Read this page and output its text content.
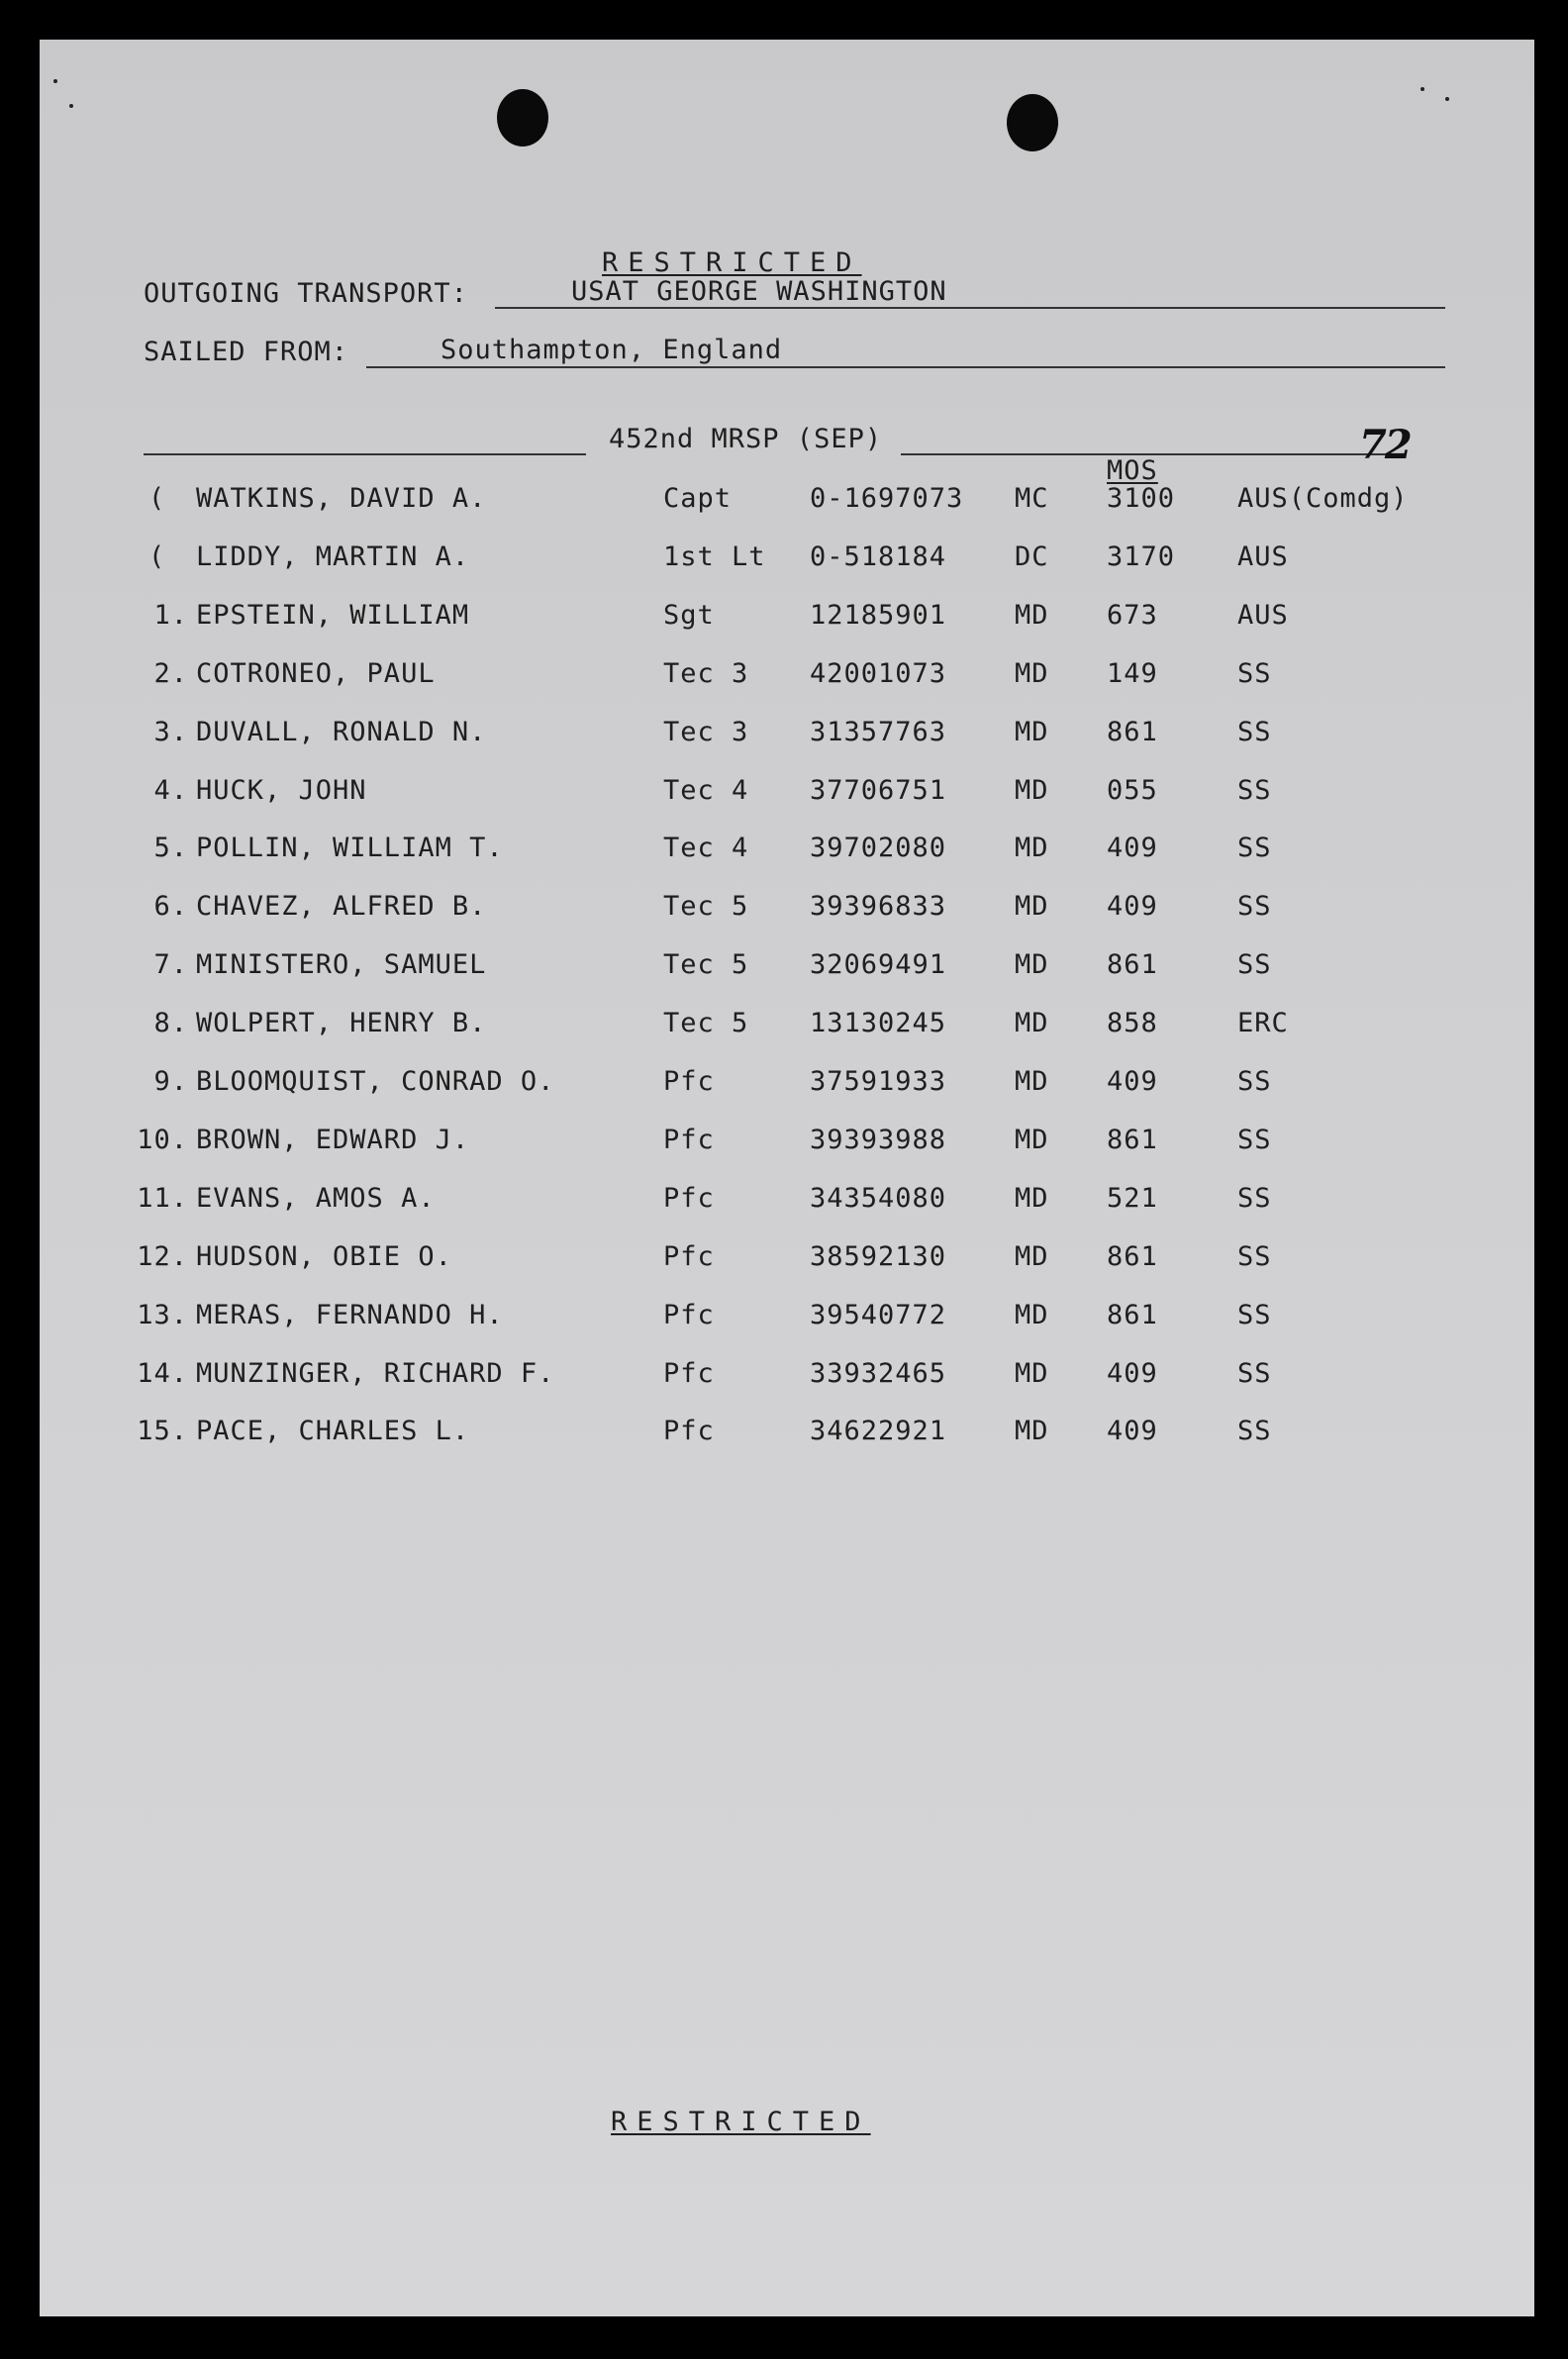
RESTRICTED
OUTGOING TRANSPORT:	USAT GEORGE WASHINGTON
SAILED FROM:	Southampton, England
452nd MRSP (SEP)	72
MOS
( WATKINS, DAVID A.	Capt	0-1697073 MC 3100 AUS(Comdg)
( LIDDY, MARTIN A.	1st Lt 0-518184	DC 3170 AUS
1. EPSTEIN, WILLIAM	Sgt	12185901	MD 673	AUS
2. COTRONEO, PAUL	Tec 3 42001073	MD 149	SS
3. DUVALL, RONALD N.	Tec 3 31357763	MD 861	SS
4. HUCK, JOHN	Tec 4 37706751	MD 055	SS
5. POLLIN, WILLIAM T.	Tec 4 39702080	MD 409	SS
6. CHAVEZ, ALFRED B.	Tec 5 39396833	MD 409	SS
7. MINISTERO, SAMUEL	Tec 5 32069491	MD 861	SS
8. WOLPERT, HENRY B.	Tec 5 13130245	MD 858	ERC
9. BLOOMQUIST, CONRAD O.	Pfc	37591933	MD 409	SS
10. BROWN, EDWARD J.	Pfc	39393988	MD 861	SS
11. EVANS, AMOS A.	Pfc	34354080	MD 521	SS
12. HUDSON, OBIE O.	Pfc	38592130	MD 861	SS
13. MERAS, FERNANDO H.	Pfc	39540772	MD 861	SS
14. MUNZINGER, RICHARD F.	Pfc	33932465	MD 409	SS
15. PACE, CHARLES L.	Pfc	34622921	MD 409	SS
RESTRICTED
